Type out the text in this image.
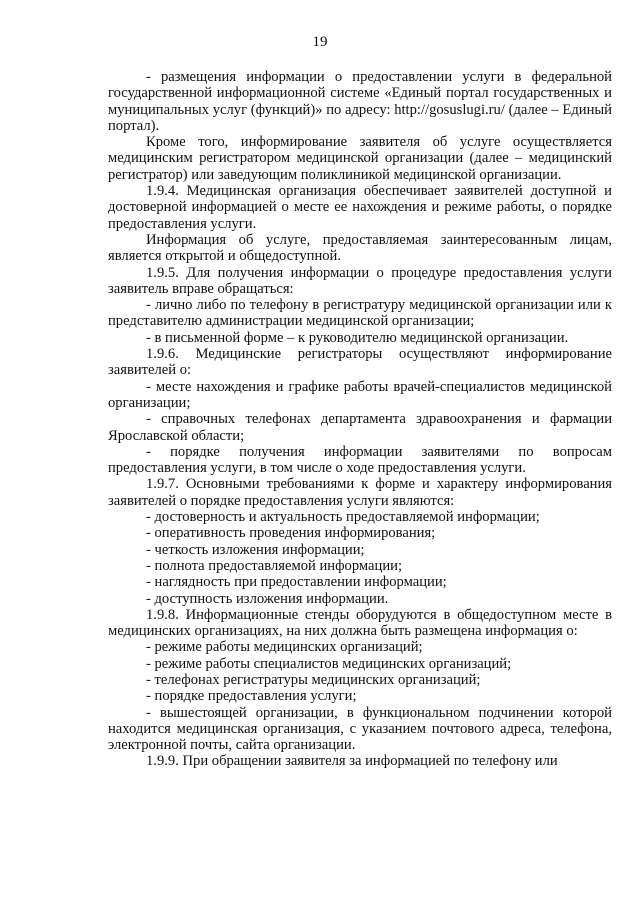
19

- размещения информации о предоставлении услуги в федеральной государственной информационной системе «Единый портал государственных и муниципальных услуг (функций)» по адресу: http://gosuslugi.ru/ (далее – Единый портал).

Кроме того, информирование заявителя об услуге осуществляется медицинским регистратором медицинской организации (далее – медицинский регистратор) или заведующим поликлиникой медицинской организации.

1.9.4. Медицинская организация обеспечивает заявителей доступной и достоверной информацией о месте ее нахождения и режиме работы, о порядке предоставления услуги.

Информация об услуге, предоставляемая заинтересованным лицам, является открытой и общедоступной.

1.9.5. Для получения информации о процедуре предоставления услуги заявитель вправе обращаться:

- лично либо по телефону в регистратуру медицинской организации или к представителю администрации медицинской организации;

- в письменной форме – к руководителю медицинской организации.

1.9.6. Медицинские регистраторы осуществляют информирование заявителей о:

- месте нахождения и графике работы врачей-специалистов медицинской организации;

- справочных телефонах департамента здравоохранения и фармации Ярославской области;

- порядке получения информации заявителями по вопросам предоставления услуги, в том числе о ходе предоставления услуги.

1.9.7. Основными требованиями к форме и характеру информирования заявителей о порядке предоставления услуги являются:

- достоверность и актуальность предоставляемой информации;

- оперативность проведения информирования;

- четкость изложения информации;

- полнота предоставляемой информации;

- наглядность при предоставлении информации;

- доступность изложения информации.

1.9.8. Информационные стенды оборудуются в общедоступном месте в медицинских организациях, на них должна быть размещена информация о:

- режиме работы медицинских организаций;

- режиме работы специалистов медицинских организаций;

- телефонах регистратуры медицинских организаций;

- порядке предоставления услуги;

- вышестоящей организации, в функциональном подчинении которой находится медицинская организация, с указанием почтового адреса, телефона, электронной почты, сайта организации.

1.9.9. При обращении заявителя за информацией по телефону или
